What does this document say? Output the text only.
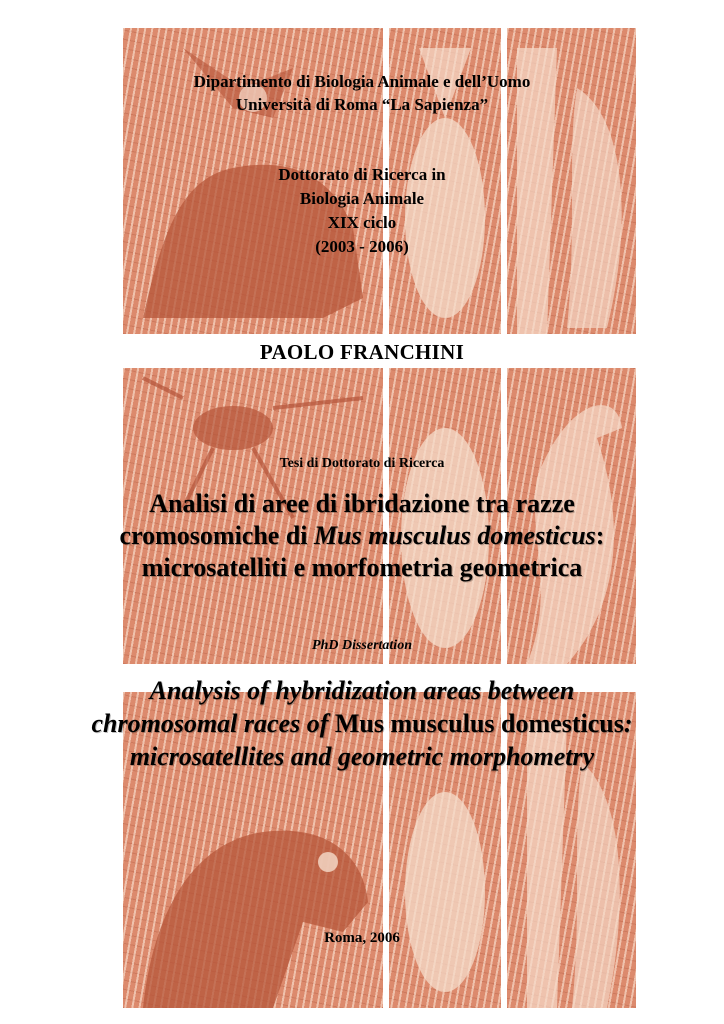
Dipartimento di Biologia Animale e dell’Uomo
Università di Roma “La Sapienza”
Dottorato di Ricerca in
Biologia Animale
XIX ciclo
(2003 - 2006)
PAOLO FRANCHINI
Tesi di Dottorato di Ricerca
Analisi di aree di ibridazione tra razze
cromosomiche di Mus musculus domesticus:
microsatelliti e morfometria geometrica
PhD Dissertation
Analysis of hybridization areas between
chromosomal races of Mus musculus domesticus:
microsatellites and geometric morphometry
Roma, 2006
